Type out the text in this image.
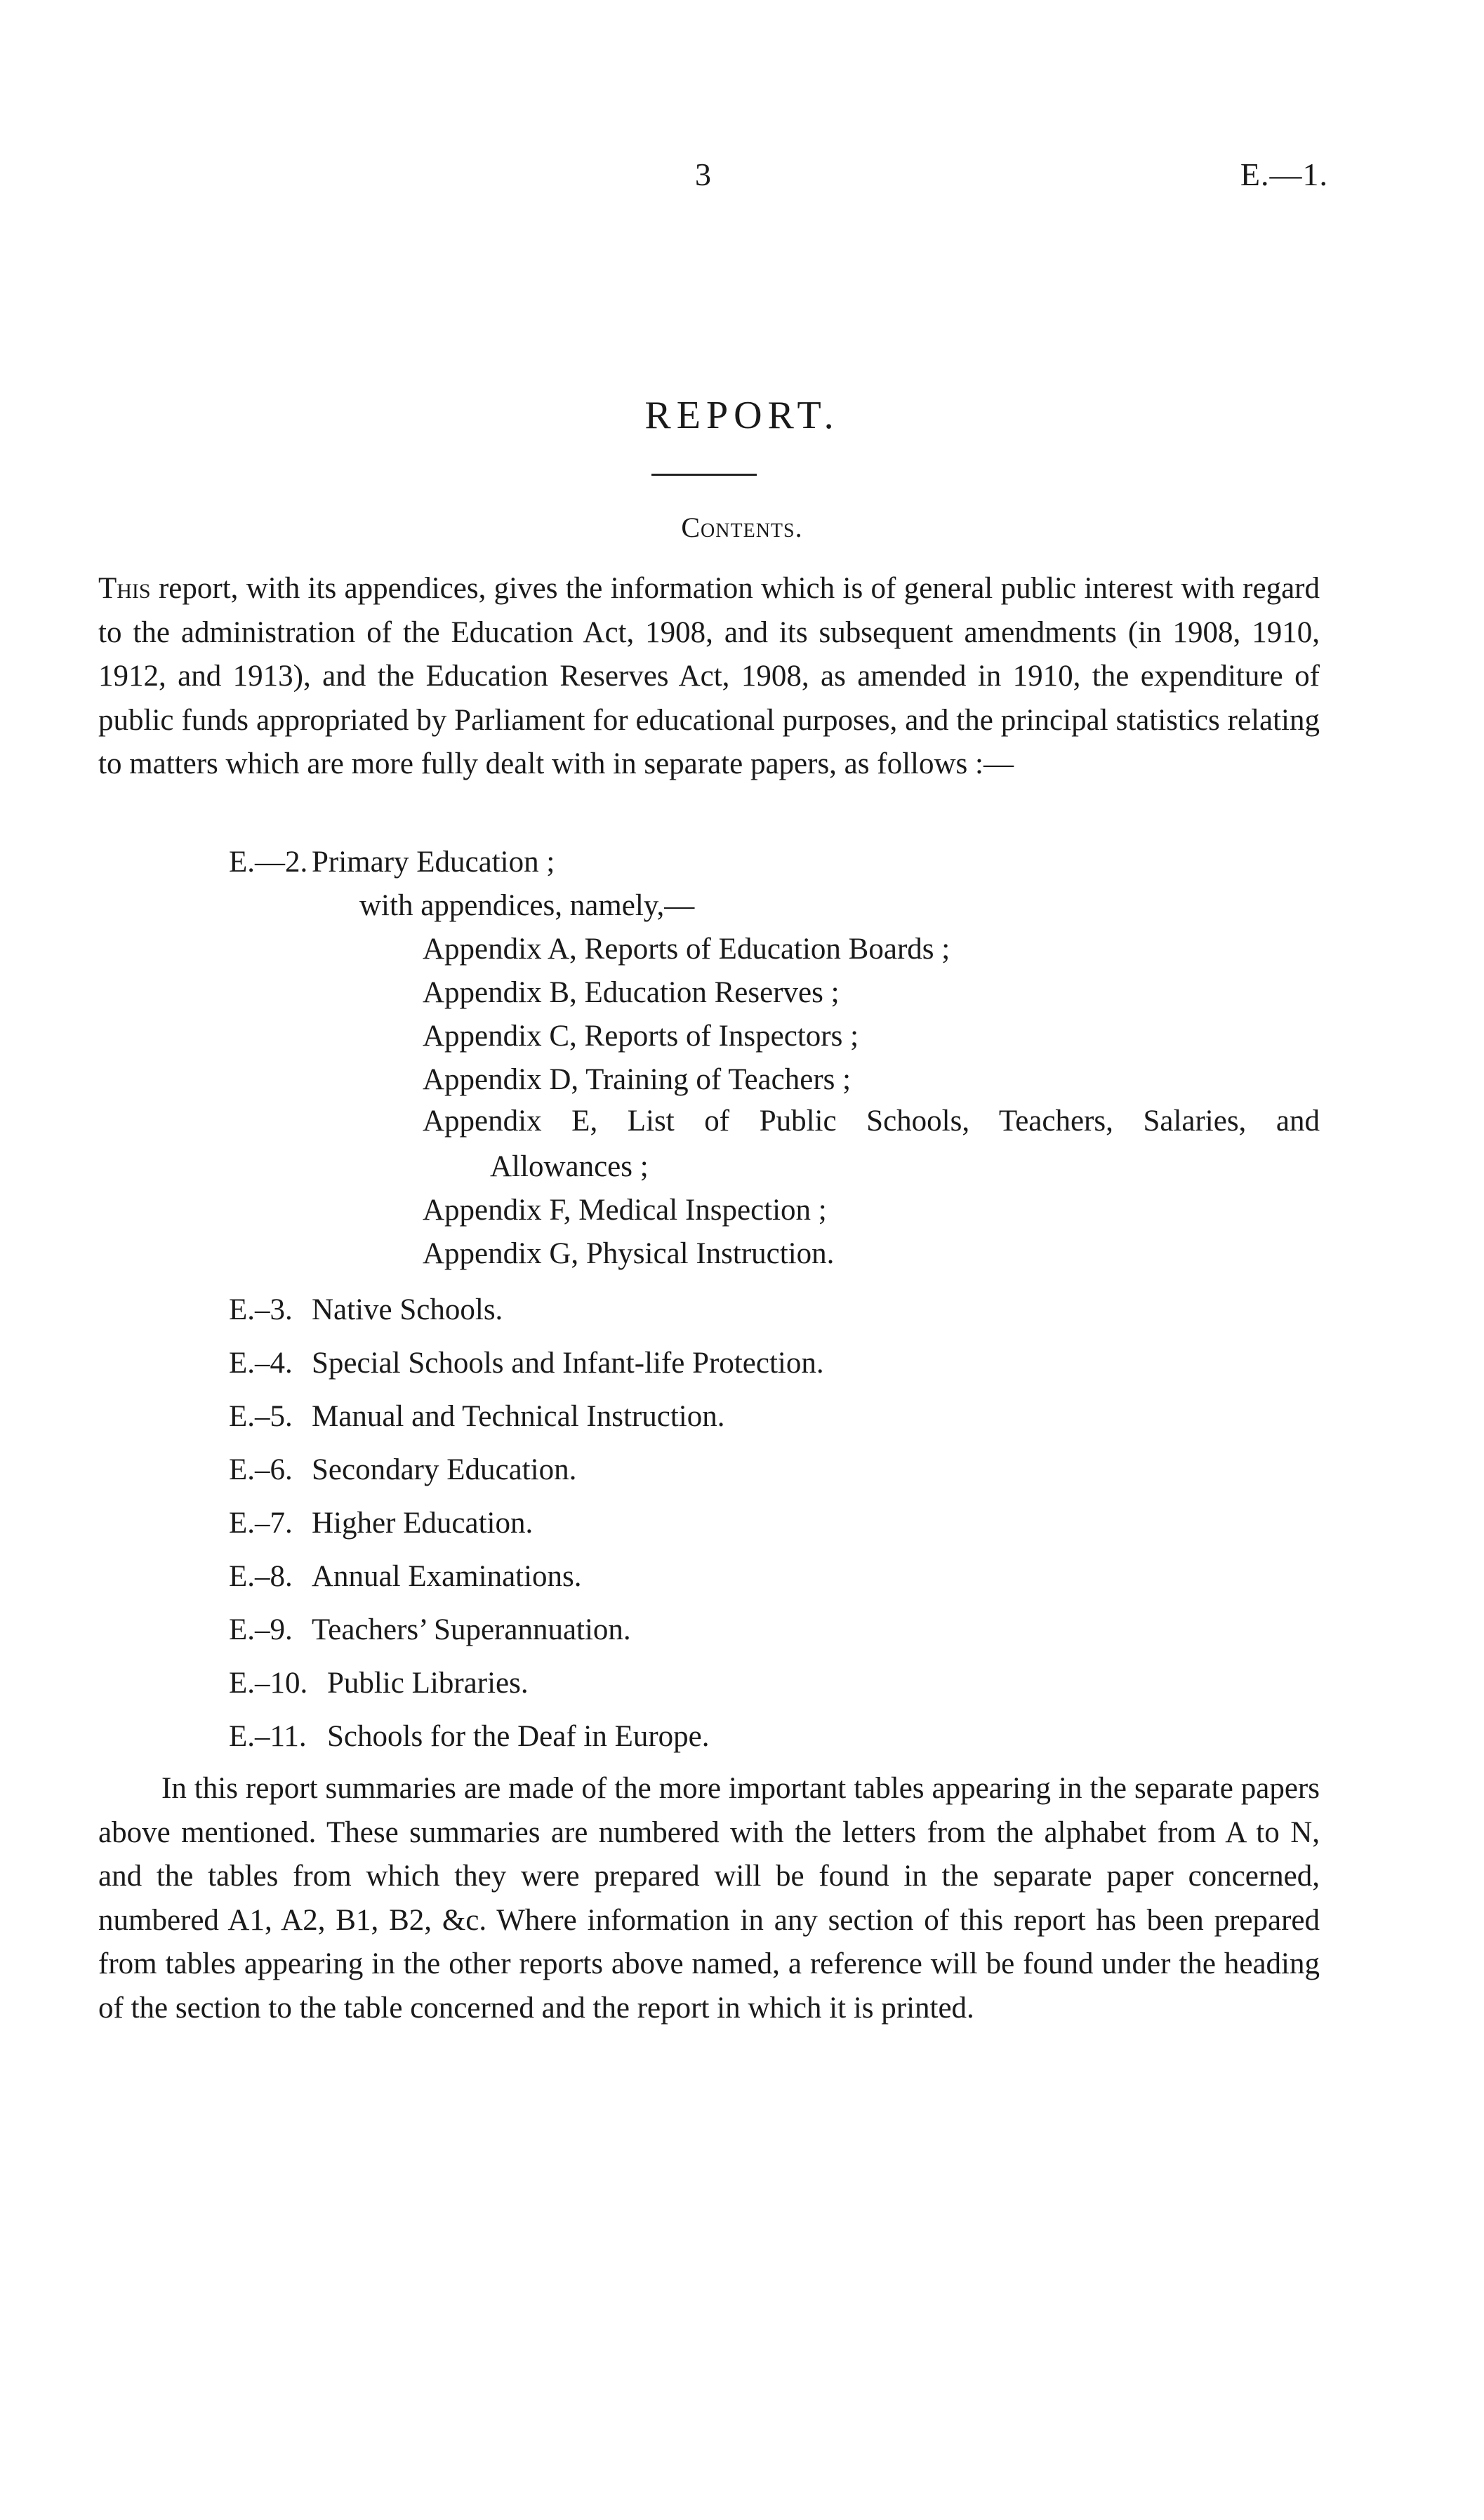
3	E.—1.
REPORT.
Contents.
This report, with its appendices, gives the information which is of general public interest with regard to the administration of the Education Act, 1908, and its subsequent amendments (in 1908, 1910, 1912, and 1913), and the Education Reserves Act, 1908, as amended in 1910, the expenditure of public funds appropriated by Parliament for educational purposes, and the principal statistics relating to matters which are more fully dealt with in separate papers, as follows :—
E.—2. Primary Education ;
with appendices, namely,—
Appendix A, Reports of Education Boards ;
Appendix B, Education Reserves ;
Appendix C, Reports of Inspectors ;
Appendix D, Training of Teachers ;
Appendix E, List of Public Schools, Teachers, Salaries, and
Allowances ;
Appendix F, Medical Inspection ;
Appendix G, Physical Instruction.
E.–3. Native Schools.
E.–4. Special Schools and Infant-life Protection.
E.–5. Manual and Technical Instruction.
E.–6. Secondary Education.
E.–7. Higher Education.
E.–8. Annual Examinations.
E.–9. Teachers’ Superannuation.
E.–10. Public Libraries.
E.–11. Schools for the Deaf in Europe.
In this report summaries are made of the more important tables appearing in the separate papers above mentioned. These summaries are numbered with the letters from the alphabet from A to N, and the tables from which they were prepared will be found in the separate paper concerned, numbered A1, A2, B1, B2, &c. Where information in any section of this report has been prepared from tables appearing in the other reports above named, a reference will be found under the heading of the section to the table concerned and the report in which it is printed.
